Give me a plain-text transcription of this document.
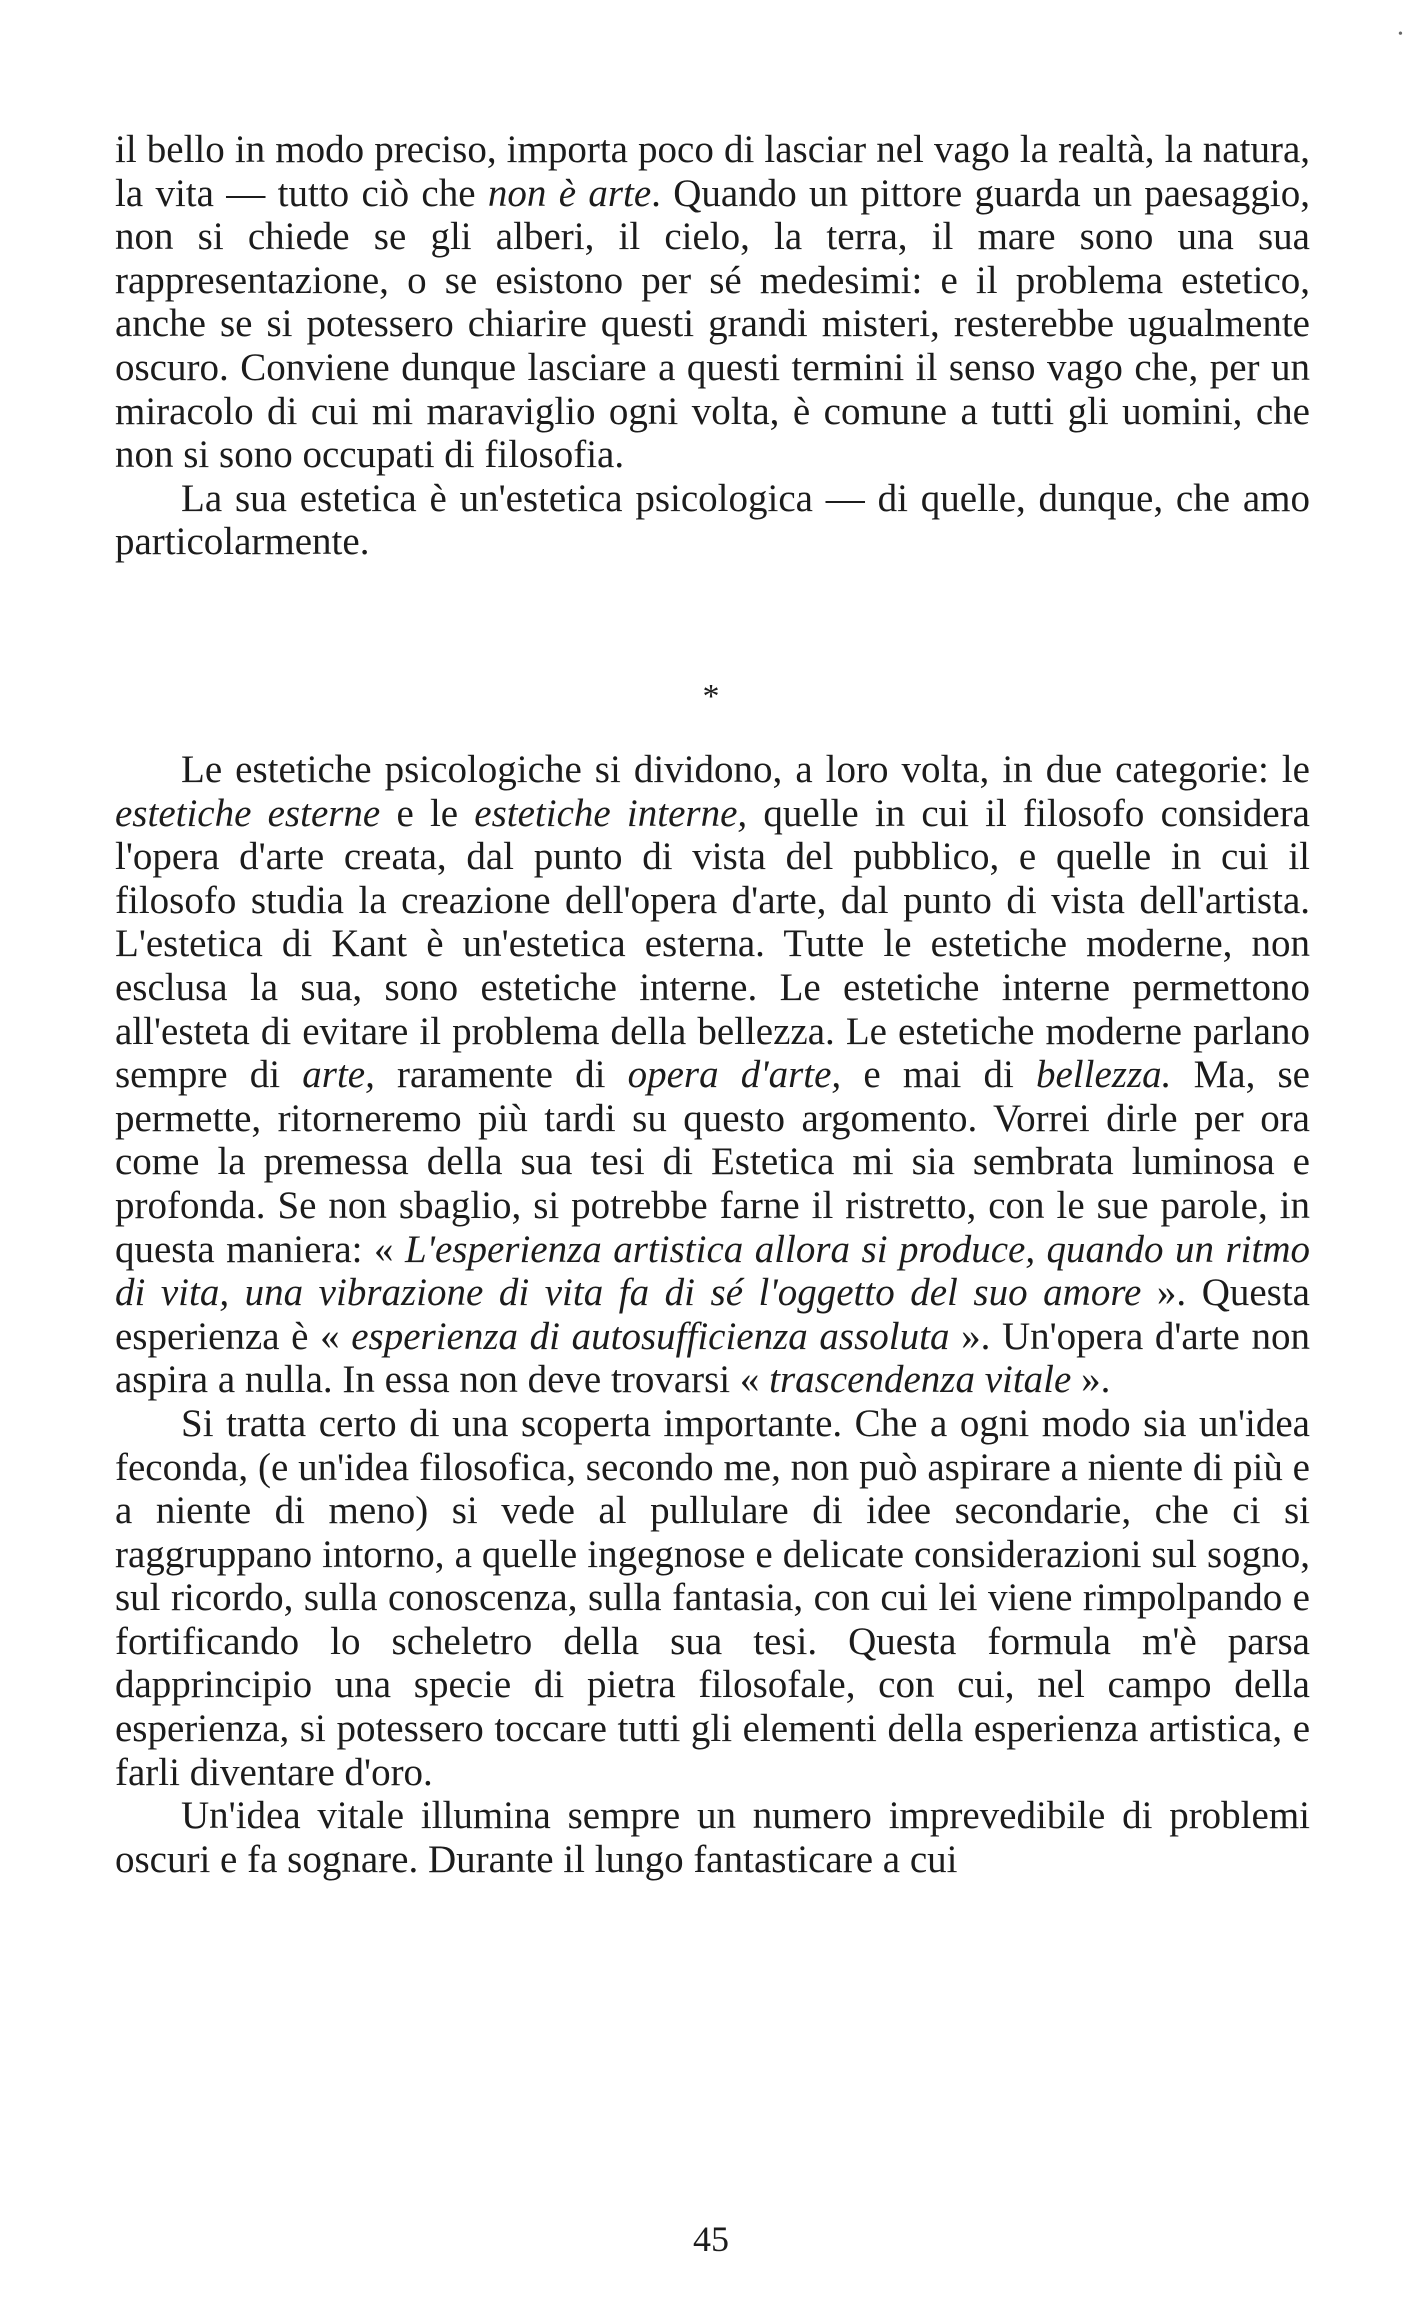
•

il bello in modo preciso, importa poco di lasciar nel vago la realtà, la natura, la vita — tutto ciò che non è arte. Quando un pittore guarda un paesaggio, non si chiede se gli alberi, il cielo, la terra, il mare sono una sua rappresentazione, o se esistono per sé medesimi: e il problema estetico, anche se si potessero chiarire questi grandi misteri, resterebbe ugualmente oscuro. Conviene dunque lasciare a questi termini il senso vago che, per un miracolo di cui mi maraviglio ogni volta, è comune a tutti gli uomini, che non si sono occupati di filosofia.

La sua estetica è un'estetica psicologica — di quelle, dunque, che amo particolarmente.

*

Le estetiche psicologiche si dividono, a loro volta, in due categorie: le estetiche esterne e le estetiche interne, quelle in cui il filosofo considera l'opera d'arte creata, dal punto di vista del pubblico, e quelle in cui il filosofo studia la creazione dell'opera d'arte, dal punto di vista dell'artista. L'estetica di Kant è un'estetica esterna. Tutte le estetiche moderne, non esclusa la sua, sono estetiche interne. Le estetiche interne permettono all'esteta di evitare il problema della bellezza. Le estetiche moderne parlano sempre di arte, raramente di opera d'arte, e mai di bellezza. Ma, se permette, ritorneremo più tardi su questo argomento. Vorrei dirle per ora come la premessa della sua tesi di Estetica mi sia sembrata luminosa e profonda. Se non sbaglio, si potrebbe farne il ristretto, con le sue parole, in questa maniera: « L'esperienza artistica allora si produce, quando un ritmo di vita, una vibrazione di vita fa di sé l'oggetto del suo amore ». Questa esperienza è « esperienza di autosufficienza assoluta ». Un'opera d'arte non aspira a nulla. In essa non deve trovarsi « trascendenza vitale ».

Si tratta certo di una scoperta importante. Che a ogni modo sia un'idea feconda, (e un'idea filosofica, secondo me, non può aspirare a niente di più e a niente di meno) si vede al pullulare di idee secondarie, che ci si raggruppano intorno, a quelle ingegnose e delicate considerazioni sul sogno, sul ricordo, sulla conoscenza, sulla fantasia, con cui lei viene rimpolpando e fortificando lo scheletro della sua tesi. Questa formula m'è parsa dapprincipio una specie di pietra filosofale, con cui, nel campo della esperienza, si potessero toccare tutti gli elementi della esperienza artistica, e farli diventare d'oro.

Un'idea vitale illumina sempre un numero imprevedibile di problemi oscuri e fa sognare. Durante il lungo fantasticare a cui

45
